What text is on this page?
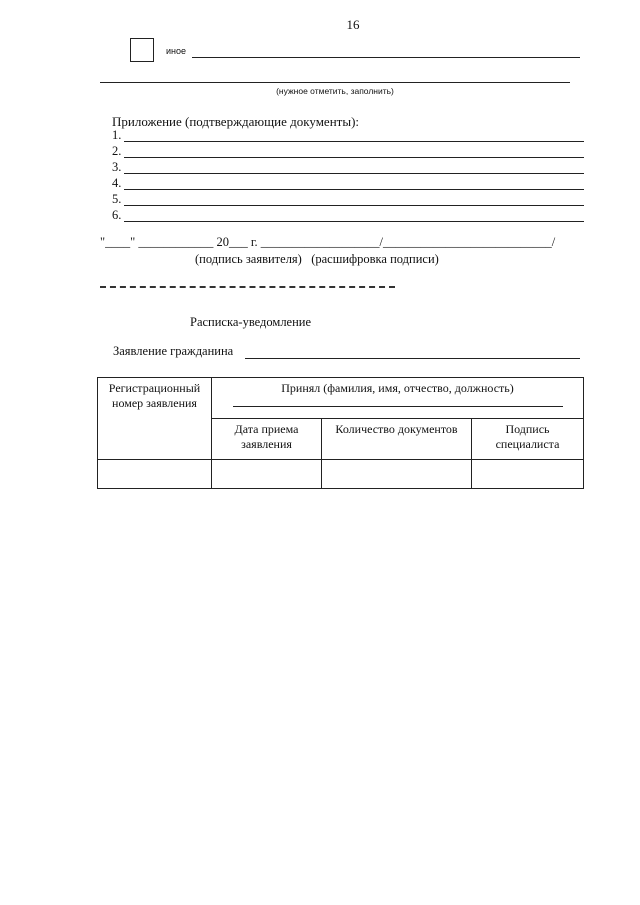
16
иное
(нужное отметить, заполнить)
Приложение (подтверждающие документы):
1.
2.
3.
4.
5.
6.
"____" ____________ 20___ г. ___________________/___________________________/
(подпись заявителя)   (расшифровка подписи)
Расписка-уведомление
Заявление гражданина
Регистрационный номер заявления	Принял (фамилия, имя, отчество, должность)		

	Дата приема заявления	Количество документов	Подпись специалиста
